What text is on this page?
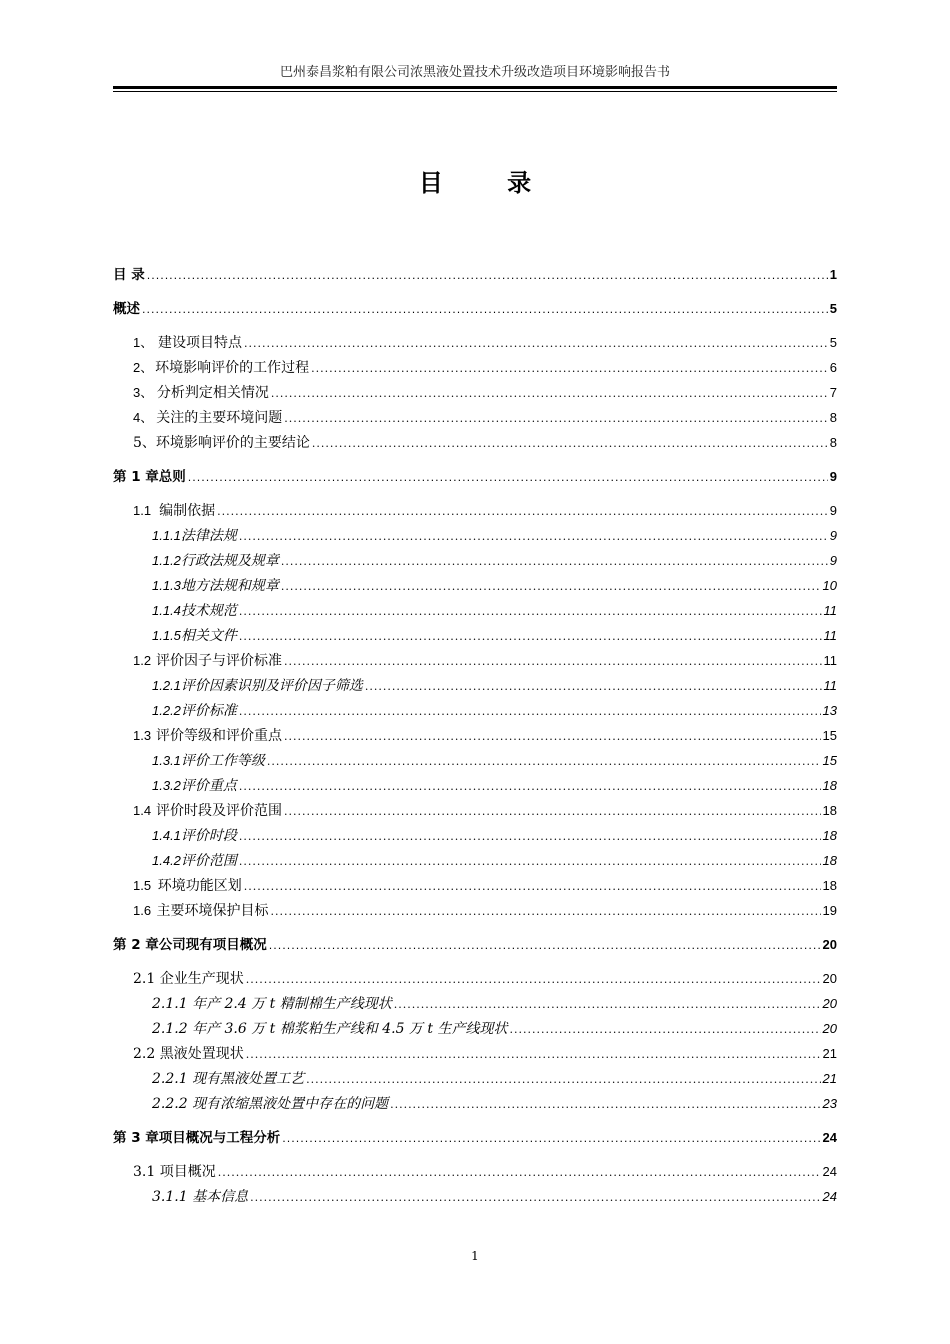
巴州泰昌浆粕有限公司浓黑液处置技术升级改造项目环境影响报告书
目 录
目 录 .....	1
概述 .....	5
1、 建设项目特点 .....	5
2、 环境影响评价的工作过程 .....	6
3、 分析判定相关情况 .....	7
4、 关注的主要环境问题 .....	8
5、环境影响评价的主要结论 .....	8
第 1 章 总则 .....	9
1.1 编制依据 .....	9
1.1.1 法律法规 .....	9
1.1.2 行政法规及规章 .....	9
1.1.3 地方法规和规章 .....	10
1.1.4 技术规范 .....	11
1.1.5 相关文件 .....	11
1.2 评价因子与评价标准 .....	11
1.2.1 评价因素识别及评价因子筛选 .....	11
1.2.2 评价标准 .....	13
1.3 评价等级和评价重点 .....	15
1.3.1 评价工作等级 .....	15
1.3.2 评价重点 .....	18
1.4 评价时段及评价范围 .....	18
1.4.1 评价时段 .....	18
1.4.2 评价范围 .....	18
1.5 环境功能区划 .....	18
1.6 主要环境保护目标 .....	19
第 2 章 公司现有项目概况 .....	20
2.1 企业生产现状 .....	20
2.1.1 年产 2.4 万 t 精制棉生产线现状 .....	20
2.1.2 年产 3.6 万 t 棉浆粕生产线和 4.5 万 t 生产线现状 .....	20
2.2 黑液处置现状 .....	21
2.2.1 现有黑液处置工艺 .....	21
2.2.2 现有浓缩黑液处置中存在的问题 .....	23
第 3 章 项目概况与工程分析 .....	24
3.1 项目概况 .....	24
3.1.1 基本信息 .....	24
1
